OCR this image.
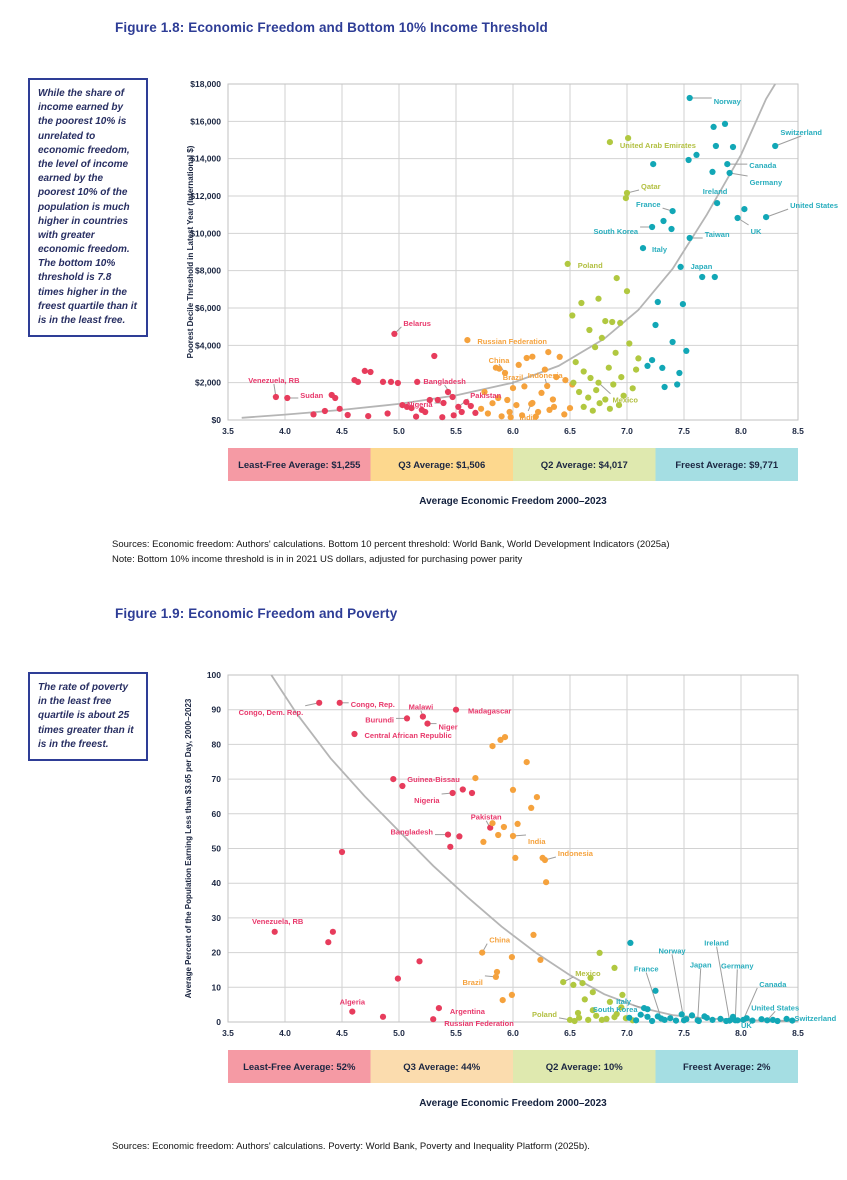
Figure 1.8: Economic Freedom and Bottom 10% Income Threshold

While the share of income earned by the poorest 10% is unrelated to economic freedom, the level of income earned by the poorest 10% of the population is much higher in countries with greater economic freedom. The bottom 10% threshold is 7.8 times higher in the freest quartile than it is in the least free.

Venezuela, RB
Sudan
Belarus
Bangladesh
Pakistan
Nigeria
Russian Federation
China
Brazil Indonesia
India
United Arab Emirates
Qatar
Poland
Mexico
Norway
Switzerland
Canada
Germany
United States
UK
Ireland
France
Taiwan
South Korea
Italy
Japan
3.5	4.0	4.5	5.0	5.5	6.0	6.5	7.0	7.5	8.0	8.5
$18,000
$16,000
$14,000
$12,000
$10,000
$8,000
$6,000
$4,000
$2,000
$0
Least-Free Average: $1,255	Q3 Average: $1,506	Q2 Average: $4,017	Freest Average: $9,771
Average Economic Freedom 2000–2023
Poorest Decile Threshold in Latest Year (International $)
Sources: Economic freedom: Authors' calculations. Bottom 10 percent threshold: World Bank, World Development Indicators (2025a)
Note: Bottom 10% income threshold is in in 2021 US dollars, adjusted for purchasing power parity
Figure 1.9: Economic Freedom and Poverty

The rate of poverty in the least free quartile is about 25 times greater than it is in the freest.

Congo, Dem. Rep.
Congo, Rep.
Burundi
Malawi
Niger
Madagascar
Central African Republic
Guinea-Bissau
Nigeria
Bangladesh
Pakistan
Venezuela, RB
Algeria
Argentina
Russian Federation
China
Brazil
India
Indonesia
Mexico
Poland
South Korea
Italy
France
Norway
Japan
Ireland
Germany
Canada
United States
Switzerland
UK
3.5	4.0	4.5	5.0	5.5	6.0	6.5	7.0	7.5	8.0	8.5
100
90
80
70
60
50
40
30
20
10
0
Least-Free Average: 52%	Q3 Average: 44%	Q2 Average: 10%	Freest Average: 2%
Average Economic Freedom 2000–2023
Average Percent of the Population Earning Less than $3.65 per Day, 2000–2023
Sources: Economic freedom: Authors' calculations. Poverty: World Bank, Poverty and Inequality Platform (2025b).
